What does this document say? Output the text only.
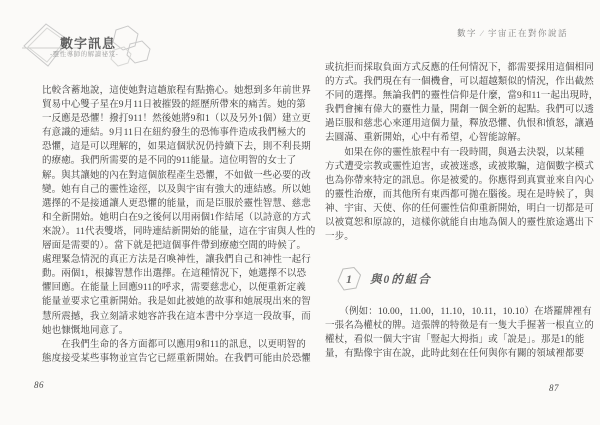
數字訊息
-靈性導師的解讀祕笈-
數字 ∕ 宇宙正在對你說話
比較含蓄地說，這使她對這趟旅程有點擔心。她想到多年前世界
貿易中心雙子星在9月11日被摧毀的經歷所帶來的痛苦。她的第
一反應是恐懼！撥打911！然後她將9和1（以及另外1個）建立更
有意識的連結。9月11日在紐約發生的恐怖事件造成我們極大的
恐懼，這是可以理解的，如果這個狀況仍持續下去，則不利長期
的療癒。我們所需要的是不同的911能量。這位明智的女士了
解。與其讓她的內在對這個旅程產生恐懼，不如做一些必要的改
變。她有自己的靈性途徑，以及與宇宙有強大的連結感。所以她
選擇的不是接通讓人更恐懼的能量，而是臣服於靈性智慧、慈悲
和全新開始。她明白在9之後何以用兩個1作結尾（以詩意的方式
來說）。11代表雙塔，同時連結新開始的能量，這在宇宙與人性的
層面是需要的）。當下就是把這個事件帶到療癒空間的時候了。
處理緊急情況的真正方法是召喚神性，讓我們自己和神性一起行
動。兩個1，根據智慧作出選擇。在這種情況下，她選擇不以恐
懼回應。在能量上回應911的呼求，需要慈悲心，以便重新定義
能量並要求它重新開始。我是如此被她的故事和她展現出來的智
慧所震撼，我立刻請求她容許我在這本書中分享這一段故事，而
她也慷慨地同意了。
　　在我們生命的各方面都可以應用9和11的訊息，以更明智的
態度接受某些事物並宣告它已經重新開始。在我們可能由於恐懼
或抗拒而採取負面方式反應的任何情況下，都需要採用這個相同
的方式。我們現在有一個機會，可以超越類似的情況，作出截然
不同的選擇。無論我們的靈性信仰是什麼，當9和11一起出現時，
我們會擁有偉大的靈性力量，開創一個全新的起點。我們可以透
過臣服和慈悲心來運用這個力量，釋放恐懼、仇恨和憤怒，讓過
去圓滿、重新開始，心中有希望，心智能諒解。
　　如果在你的靈性旅程中有一段時間，與過去決裂，以某種
方式遭受宗教或靈性迫害，或被迷惑，或被欺騙，這個數字模式
也為你帶來特定的訊息。你是被愛的。你應得到真實並來自內心
的靈性治療，而其他所有東西都可拋在腦後。現在是時候了，與
神、宇宙、天使、你的任何靈性信仰重新開始，明白一切都是可
以被寬恕和原諒的，這樣你就能自由地為個人的靈性旅途邁出下
一步。
1	與0的組合
　　（例如：10.00，11.00，11.10，10.11，10.10）在塔羅牌裡有
一張名為權杖的牌。這張牌的特徵是有一隻大手握著一根直立的
權杖，看似一個大宇宙「豎起大拇指」或「說是」。那是1的能
量，有點像宇宙在說，此時此刻在任何與你有關的領域裡都要
86	87
